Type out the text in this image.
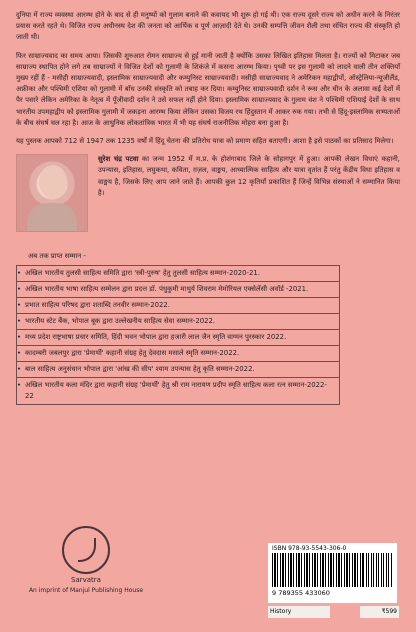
दुनिया में राज्य व्यवस्था आरम्भ होने के बाद से ही मनुष्यों को गुलाम बनाने की कवायद भी शुरू हो गई थी। एक राज्य दूसरे राज्य को अधीन करने के निरंतर प्रयास करते रहते थे। विजित राज्य अधीनस्थ देश की जनता को आर्थिक व पूर्ण आज़ादी देते थे। उनकी सम्पत्ति जीवन शैली तथा संचित राज्य की संस्कृति हो जाती थी।

फिर साम्राज्यवाद का समय आया। जिसकी शुरुआत रोमन साम्राज्य से हुई मानी जाती है क्योंकि उसका लिखित इतिहास मिलता है। राज्यों को मिटाकर जब साम्राज्य स्थापित होने लगे तब साम्राज्यों ने विजित देशों को गुलामी के शिकंजे में कसना आरम्भ किया। पृथ्वी पर इस गुलामी को लादने वाली तीन शक्तियाँ मुख्य रहीं हैं - मसीही साम्राज्यवादी, इस्लामिक साम्राज्यवादी और कम्युनिस्ट साम्राज्यवादी। मसीही साम्राज्यवाद ने अमेरिकन महाद्वीपों, ऑस्ट्रेलिया-न्यूजीलैंड, अफ्रीका और पश्चिमी एशिया को गुलामी में बाँध उनकी संस्कृति को तबाह कर दिया। कम्युनिस्ट साम्राज्यवादी दर्शन ने रूस और चीन के अलावा कई देशों में पैर पसारे लेकिन अमेरिका के नेतृत्व में पूँजीवादी दर्शन ने उसे सफल नहीं होने दिया। इस्लामिक साम्राज्यवाद के गुलाम वंश ने पश्चिमी एशियाई देशों के साथ भारतीय उपमहाद्वीप को इस्लामिक गुलामी में जकड़ना आरम्भ किया लेकिन उसका विजय रथ हिंदुस्तान में आकर रुक गया। तभी से हिंदू-इस्लामिक सभ्यताओं के बीच संघर्ष चल रहा है। आज के आधुनिक लोकतांत्रिक भारत में भी यह संघर्ष राजनीतिक मोहरा बना हुआ है।

यह पुस्तक आपको 712 से 1947 तक 1235 वर्षों में हिंदू चेतना की प्रतिरोध यात्रा को प्रमाण सहित बताएगी। आशा है इसे पाठकों का प्रतिसाद मिलेगा।

सुरेश चंद्र पटवा का जन्म 1952 में म.प्र. के होशंगाबाद जिले के सोहागपुर में हुआ। आपकी लेखन विधाएं कहानी, उपन्यास, इतिहास, लघुकथा, कविता, ग़ज़ल, वाङ्मय, आध्यात्मिक साहित्य और यात्रा वृतांत हैं परंतु केंद्रीय विधा इतिहास व वाङ्मय है, जिसके लिए आप जाने जाते हैं। आपकी कुल 12 कृतियाँ प्रकाशित हैं जिन्हें विभिन्न संस्थाओं ने सम्मानित किया है।
अब तक प्राप्त सम्मान -
• अखिल भारतीय तुलसी साहित्य समिति द्वारा 'स्त्री-पुरुष' हेतु तुलसी साहित्य सम्मान-2020-21.
• अखिल भारतीय भाषा साहित्य सम्मेलन द्वारा प्रदत्त डॉ. पंधुकुमी माथुर्य शिवराम मेमोरियल एक्सेलेंसी अवॉर्ड -2021.
• प्रभात साहित्य परिषद द्वारा शताब्दि तनवीर सम्मान-2022.
• भारतीय स्टेट बैंक, भोपाल बूक द्वारा उल्लेखनीय साहित्य सेवा सम्मान-2022.
• मध्य प्रदेश राष्ट्रभाषा प्रचार समिति, हिंदी भवन भोपाल द्वारा हजारी लाल जैन स्मृति वाग्मन पुरस्कार 2022.
• कादम्बरी जबलपुर द्वारा 'प्रेमार्थी' कहानी संग्रह हेतु देवदास मसाले स्मृति सम्मान-2022.
• बाल साहित्य अनुसंधान भोपाल द्वारा 'आंख की सीप' श्याम उपन्यास हेतु कृति सम्मान-2022.
• अखिल भारतीय कला मंदिर द्वारा कहानी संग्रह 'प्रेमार्थी' हेतु श्री राम नारायण प्रदीप स्मृति साहित्य कला रत्न सम्मान-2022-22
Sarvatra
An imprint of Manjul Publishing House
ISBN 978-93-5543-306-0
9 789355 433060
History	₹599
